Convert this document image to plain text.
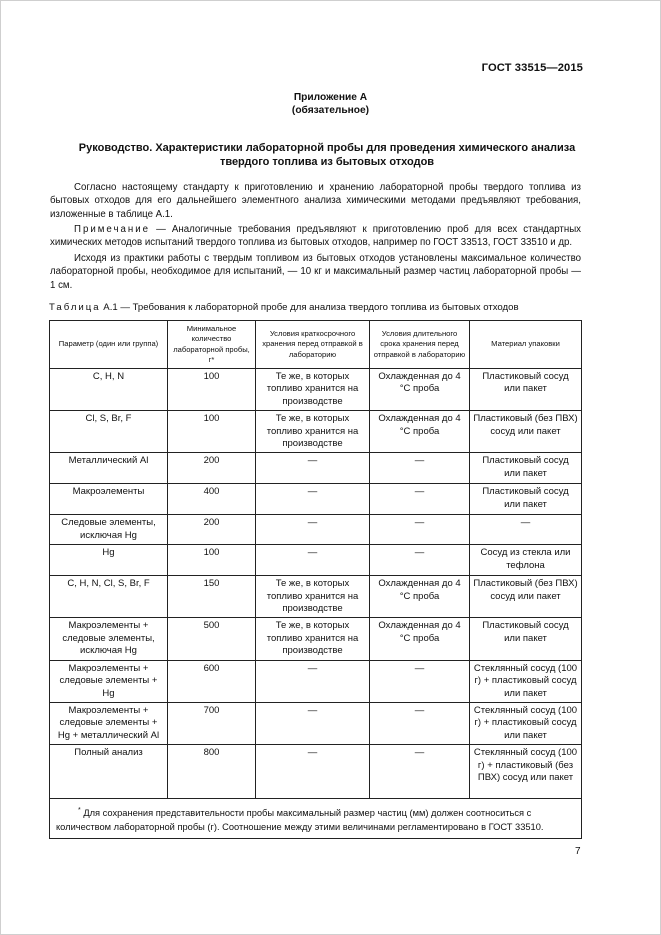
ГОСТ 33515—2015
Приложение А
(обязательное)
Руководство. Характеристики лабораторной пробы для проведения химического анализа твердого топлива из бытовых отходов
Согласно настоящему стандарту к приготовлению и хранению лабораторной пробы твердого топлива из бытовых отходов для его дальнейшего элементного анализа химическими методами предъявляют требования, изложенные в таблице А.1.
Примечание — Аналогичные требования предъявляют к приготовлению проб для всех стандартных химических методов испытаний твердого топлива из бытовых отходов, например по ГОСТ 33513, ГОСТ 33510 и др.
Исходя из практики работы с твердым топливом из бытовых отходов установлены максимальное количество лабораторной пробы, необходимое для испытаний, — 10 кг и максимальный размер частиц лабораторной пробы — 1 см.
Таблица А.1 — Требования к лабораторной пробе для анализа твердого топлива из бытовых отходов
Параметр (один или группа)	Минимальное количество лабораторной пробы, г*	Условия краткосрочного хранения перед отправкой в лабораторию	Условия длительного срока хранения перед отправкой в лабораторию	Материал упаковки
C, H, N	100	Те же, в которых топливо хранится на производстве	Охлажденная до 4 °C проба	Пластиковый сосуд или пакет
Cl, S, Br, F	100	Те же, в которых топливо хранится на производстве	Охлажденная до 4 °C проба	Пластиковый (без ПВХ) сосуд или пакет
Металлический Al	200	—	—	Пластиковый сосуд или пакет
Макроэлементы	400	—	—	Пластиковый сосуд или пакет
Следовые элементы, исключая Hg	200	—	—	—
Hg	100	—	—	Сосуд из стекла или тефлона
C, H, N, Cl, S, Br, F	150	Те же, в которых топливо хранится на производстве	Охлажденная до 4 °C проба	Пластиковый (без ПВХ) сосуд или пакет
Макроэлементы + следовые элементы, исключая Hg	500	Те же, в которых топливо хранится на производстве	Охлажденная до 4 °C проба	Пластиковый сосуд или пакет
Макроэлементы + следовые элементы + Hg	600	—	—	Стеклянный сосуд (100 г) + пластиковый сосуд или пакет
Макроэлементы + следовые элементы + Hg + металлический Al	700	—	—	Стеклянный сосуд (100 г) + пластиковый сосуд или пакет
Полный анализ	800	—	—	Стеклянный сосуд (100 г) + пластиковый (без ПВХ) сосуд или пакет
* Для сохранения представительности пробы максимальный размер частиц (мм) должен соотноситься с количеством лабораторной пробы (г). Соотношение между этими величинами регламентировано в ГОСТ 33510.				
7
